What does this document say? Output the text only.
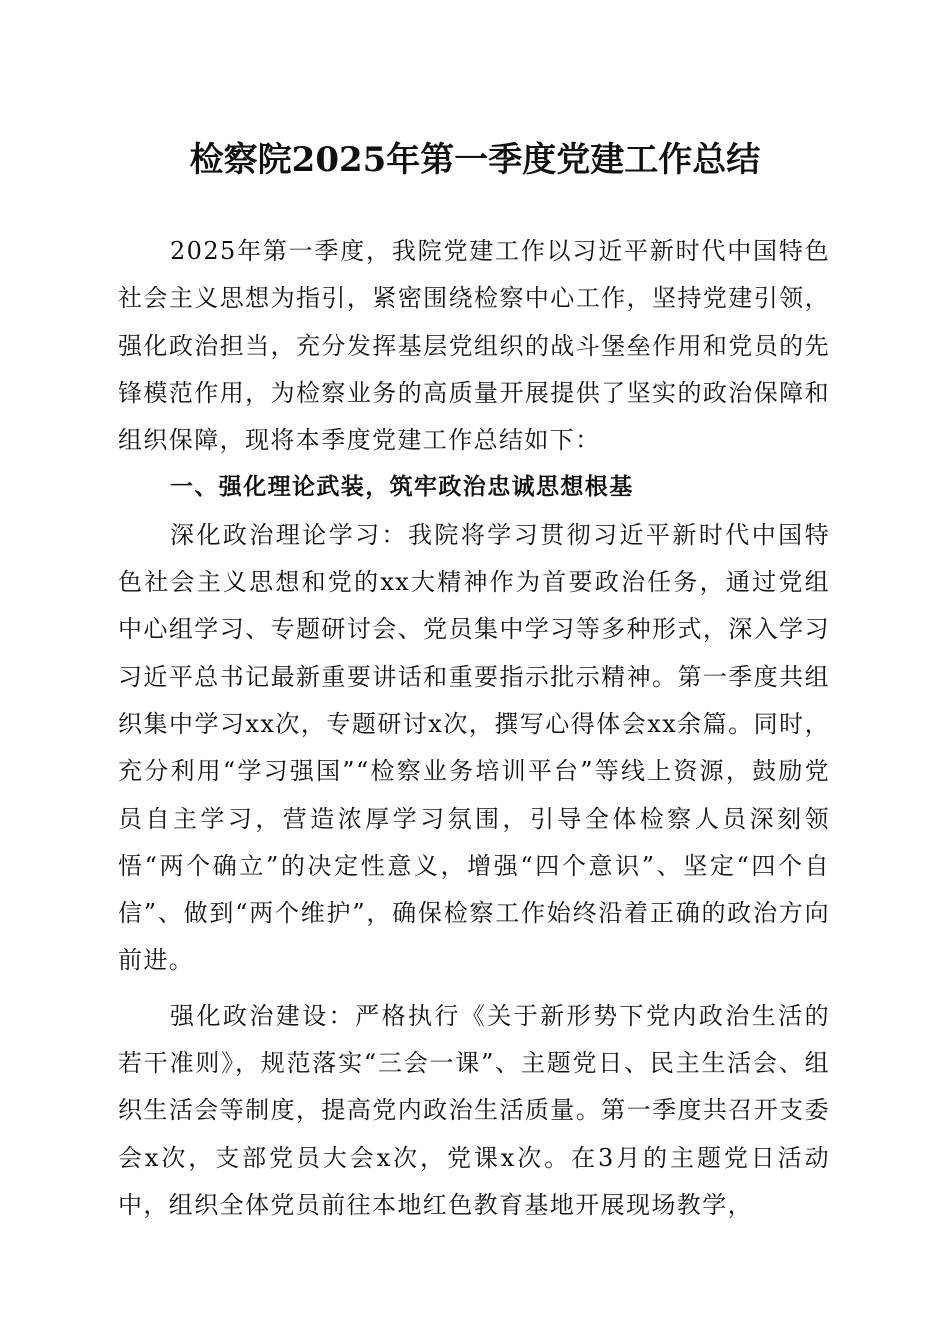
检察院2025年第一季度党建工作总结

2025年第一季度，我院党建工作以习近平新时代中国特色社会主义思想为指引，紧密围绕检察中心工作，坚持党建引领，强化政治担当，充分发挥基层党组织的战斗堡垒作用和党员的先锋模范作用，为检察业务的高质量开展提供了坚实的政治保障和组织保障，现将本季度党建工作总结如下：

一、强化理论武装，筑牢政治忠诚思想根基

深化政治理论学习：我院将学习贯彻习近平新时代中国特色社会主义思想和党的xx大精神作为首要政治任务，通过党组中心组学习、专题研讨会、党员集中学习等多种形式，深入学习习近平总书记最新重要讲话和重要指示批示精神。第一季度共组织集中学习xx次，专题研讨x次，撰写心得体会xx余篇。同时，充分利用“学习强国”“检察业务培训平台”等线上资源，鼓励党员自主学习，营造浓厚学习氛围，引导全体检察人员深刻领悟“两个确立”的决定性意义，增强“四个意识”、坚定“四个自信”、做到“两个维护”，确保检察工作始终沿着正确的政治方向前进。

强化政治建设：严格执行《关于新形势下党内政治生活的若干准则》，规范落实“三会一课”、主题党日、民主生活会、组织生活会等制度，提高党内政治生活质量。第一季度共召开支委会x次，支部党员大会x次，党课x次。在3月的主题党日活动中，组织全体党员前往本地红色教育基地开展现场教学，
